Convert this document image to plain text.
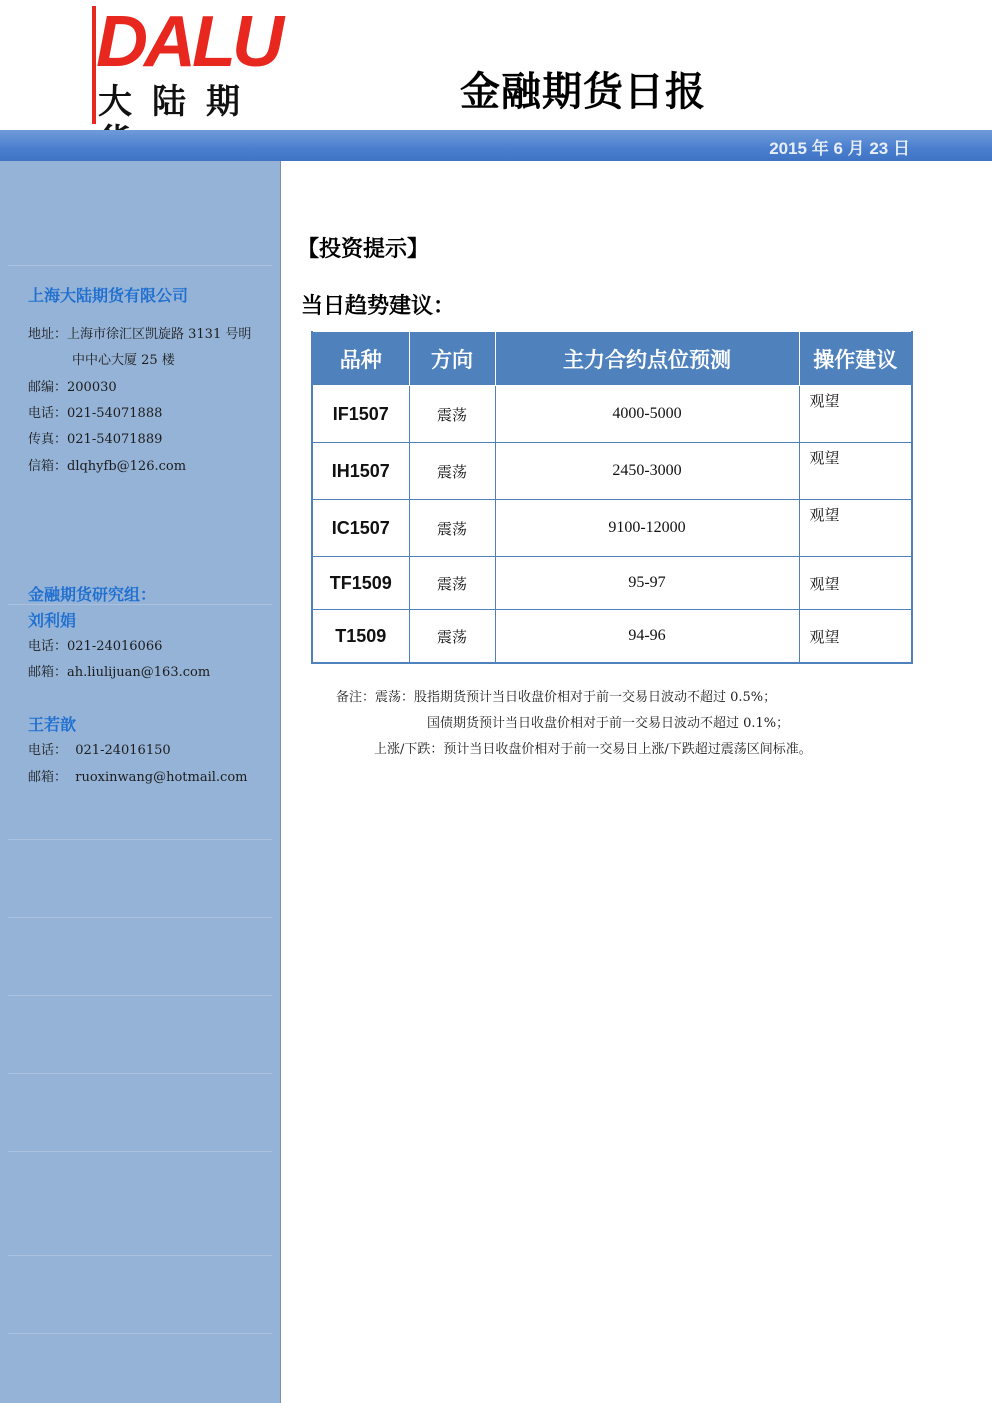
DALU
大陆期	金融期货日报
2015 年 6 月 23 日
上海大陆期货有限公司
地址：上海市徐汇区凯旋路 3131 号明
中中心大厦 25 楼
邮编：200030
电话：021-54071888
传真：021-54071889
信箱：dlqhyfb@126.com
金融期货研究组：
刘利娟
电话：021-24016066
邮箱：ah.liulijuan@163.com
王若歆
电话：  021-24016150
邮箱：  ruoxinwang@hotmail.com
【投资提示】
当日趋势建议：
品种	方向	主力合约点位预测	操作建议
IF1507	震荡	4000-5000	观望
IH1507	震荡	2450-3000	观望
IC1507	震荡	9100-12000	观望
TF1509	震荡	95-97	观望
T1509	震荡	94-96	观望
备注：震荡：股指期货预计当日收盘价相对于前一交易日波动不超过 0.5%；
国债期货预计当日收盘价相对于前一交易日波动不超过 0.1%；
上涨/下跌：预计当日收盘价相对于前一交易日上涨/下跌超过震荡区间标准。
